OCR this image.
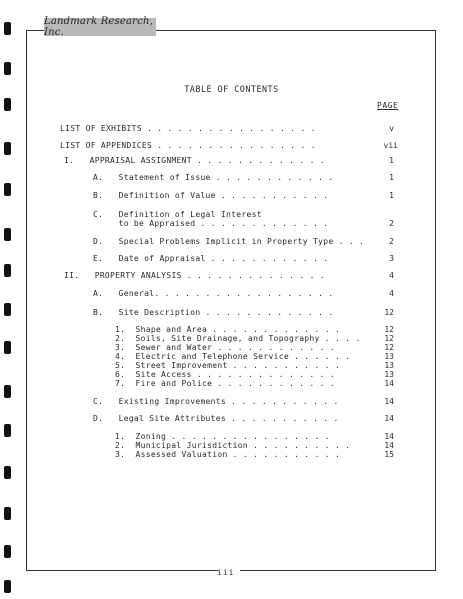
Landmark Research, Inc.
TABLE OF CONTENTS
PAGE
LIST OF EXHIBITS . . . . . . . . . . . . . . . . .	v
LIST OF APPENDICES . . . . . . . . . . . . . . . .	vii
I.   APPRAISAL ASSIGNMENT . . . . . . . . . . . . .	1
A.   Statement of Issue . . . . . . . . . . . .	1
B.   Definition of Value . . . . . . . . . . .	1
C.   Definition of Legal Interest
to be Appraised . . . . . . . . . . . . .	2
D.   Special Problems Implicit in Property Type . . .	2
E.   Date of Appraisal . . . . . . . . . . . .	3
II.   PROPERTY ANALYSIS . . . . . . . . . . . . . .	4
A.   General. . . . . . . . . . . . . . . . . .	4
B.   Site Description . . . . . . . . . . . . .	12
1.  Shape and Area . . . . . . . . . . . . .	12
2.  Soils, Site Drainage, and Topography . . . .	12
3.  Sewer and Water . . . . . . . . . . . .	12
4.  Electric and Telephone Service . . . . . .	13
5.  Street Improvement . . . . . . . . . . .	13
6.  Site Access . . . . . . . . . . . . . .	13
7.  Fire and Police . . . . . . . . . . . .	14
C.   Existing Improvements . . . . . . . . . . .	14
D.   Legal Site Attributes . . . . . . . . . . .	14
1.  Zoning . . . . . . . . . . . . . . . .	14
2.  Municipal Jurisdiction . . . . . . . . . .	14
3.  Assessed Valuation . . . . . . . . . . .	15
iii
